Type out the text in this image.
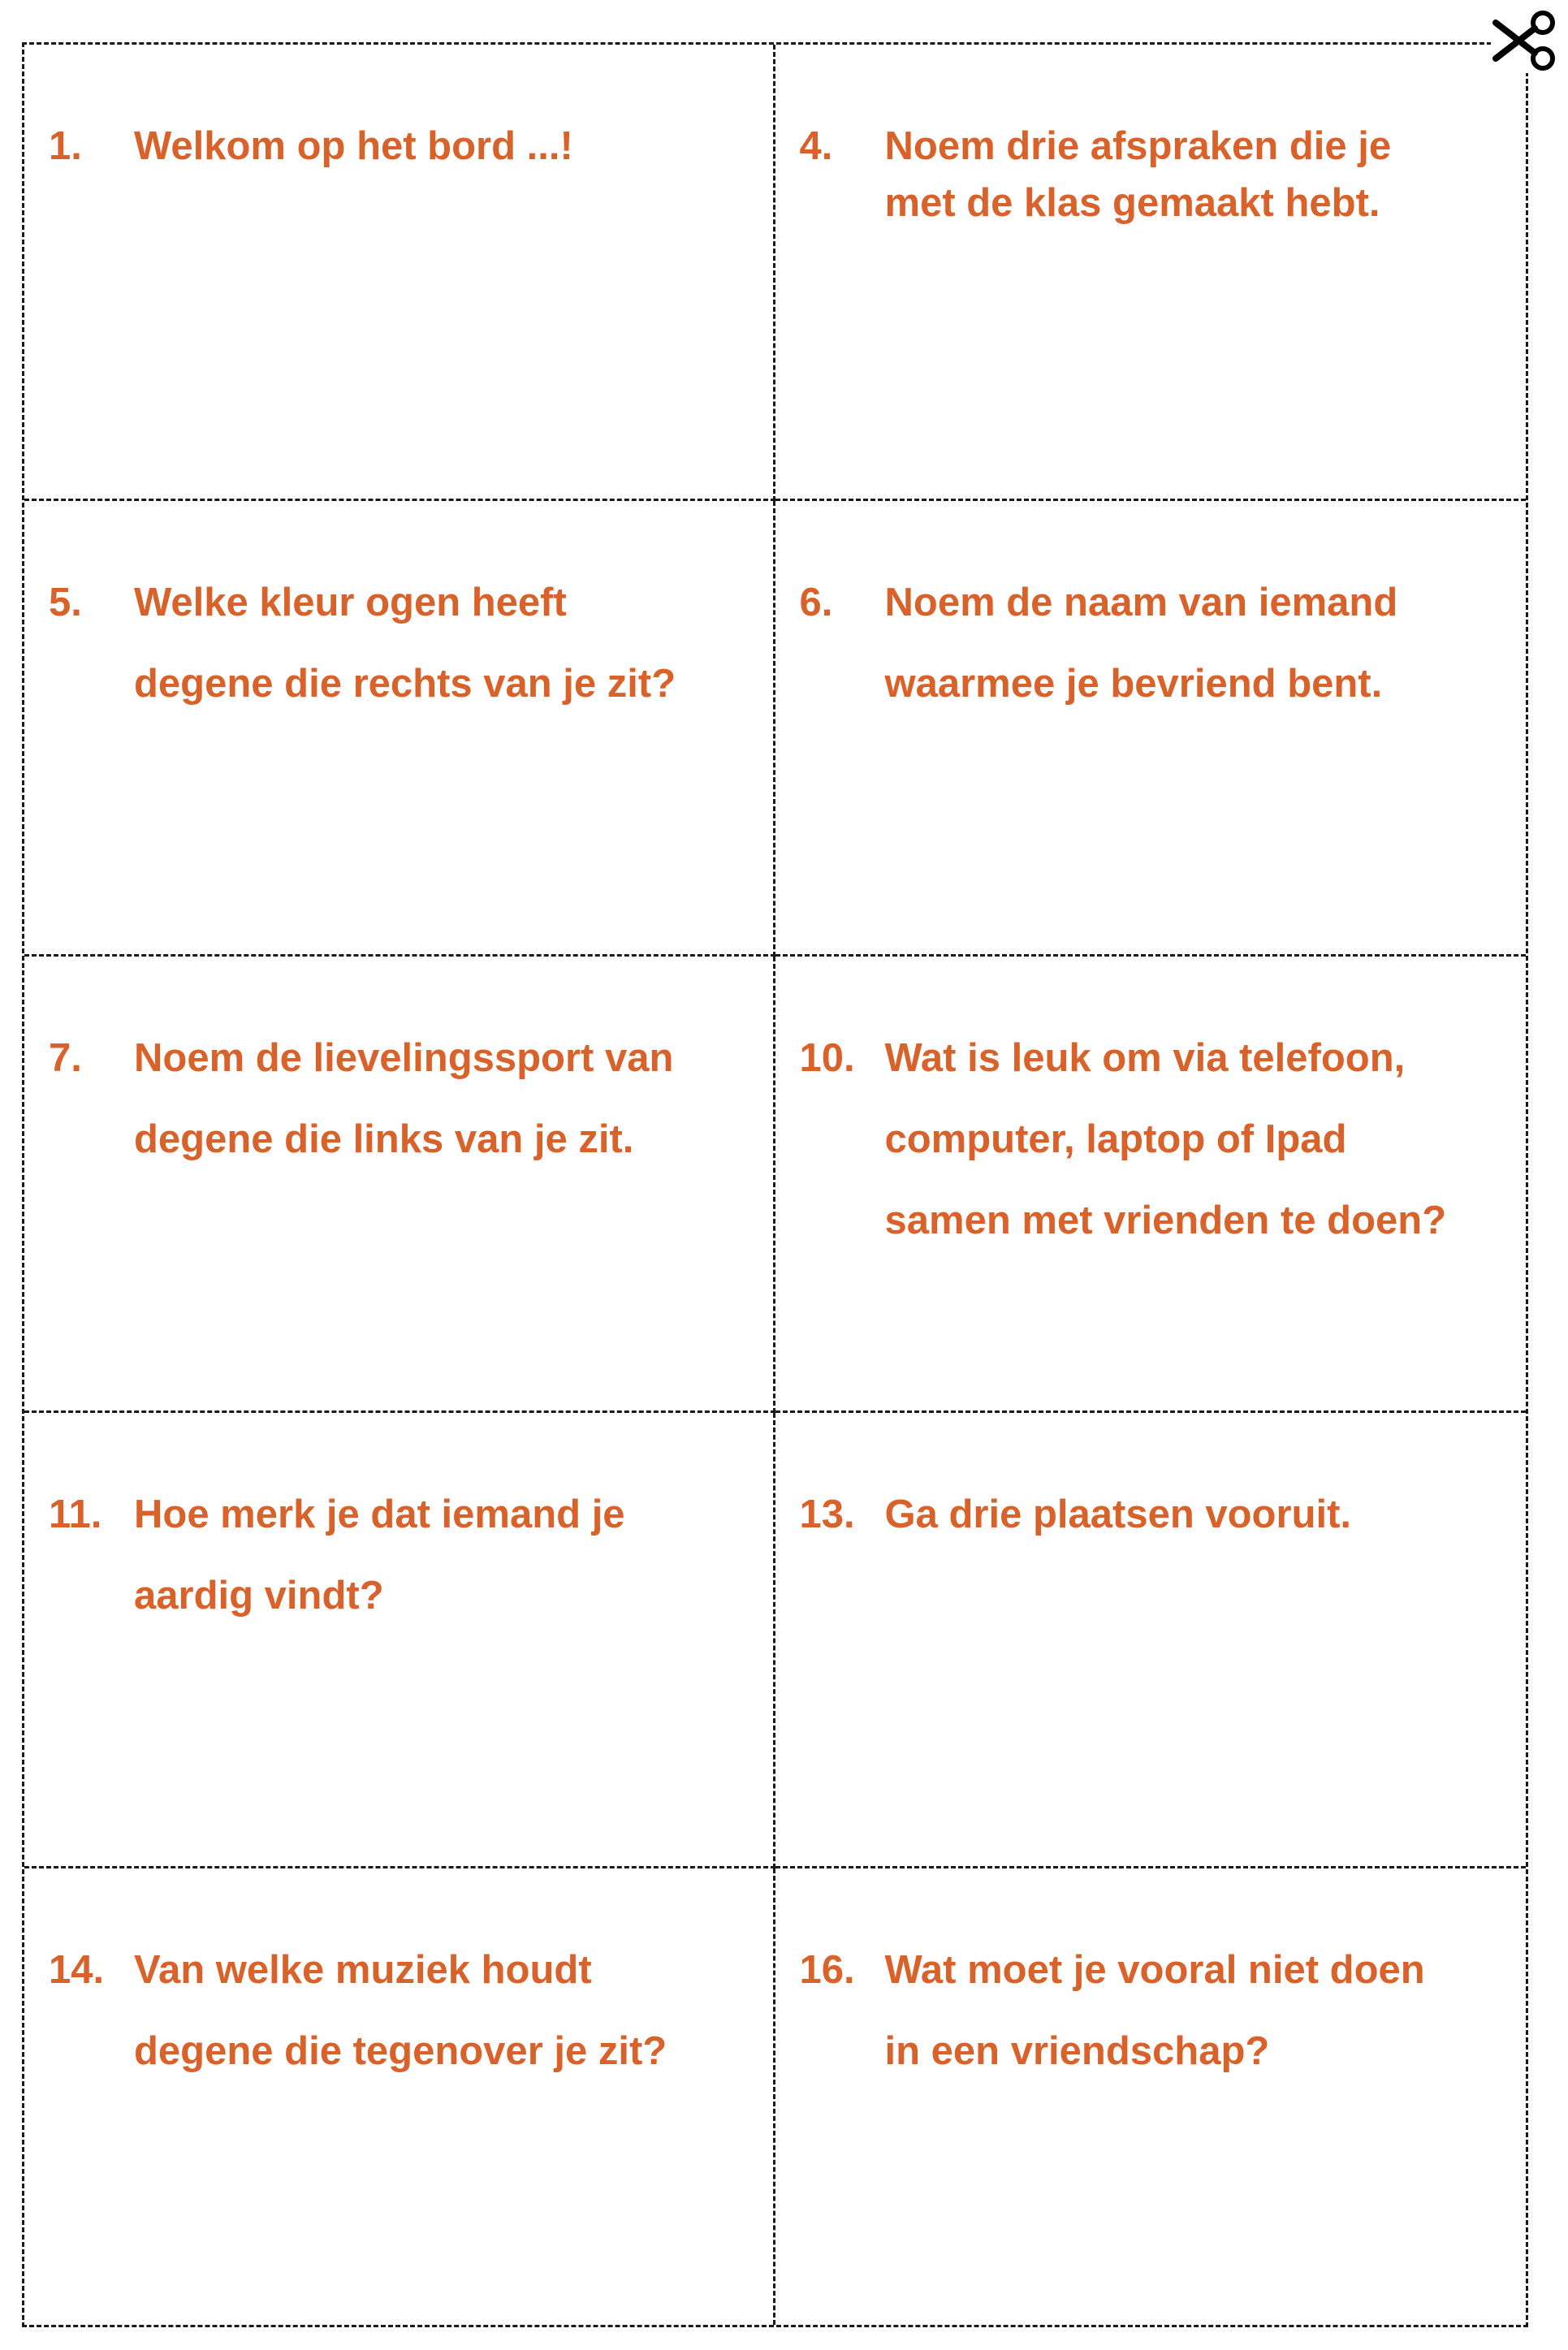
1.	Welkom op het bord ...!	4.	Noem drie afspraken die je
met de klas gemaakt hebt.
5.	Welke kleur ogen heeft
degene die rechts van je zit?
6.	Noem de naam van iemand
waarmee je bevriend bent.
7.	Noem de lievelingssport van
degene die links van je zit.
10. Wat is leuk om via telefoon,
computer, laptop of Ipad
samen met vrienden te doen?
11. Hoe merk je dat iemand je
aardig vindt?
13. Ga drie plaatsen vooruit.
14. Van welke muziek houdt
degene die tegenover je zit?
16. Wat moet je vooral niet doen
in een vriendschap?
